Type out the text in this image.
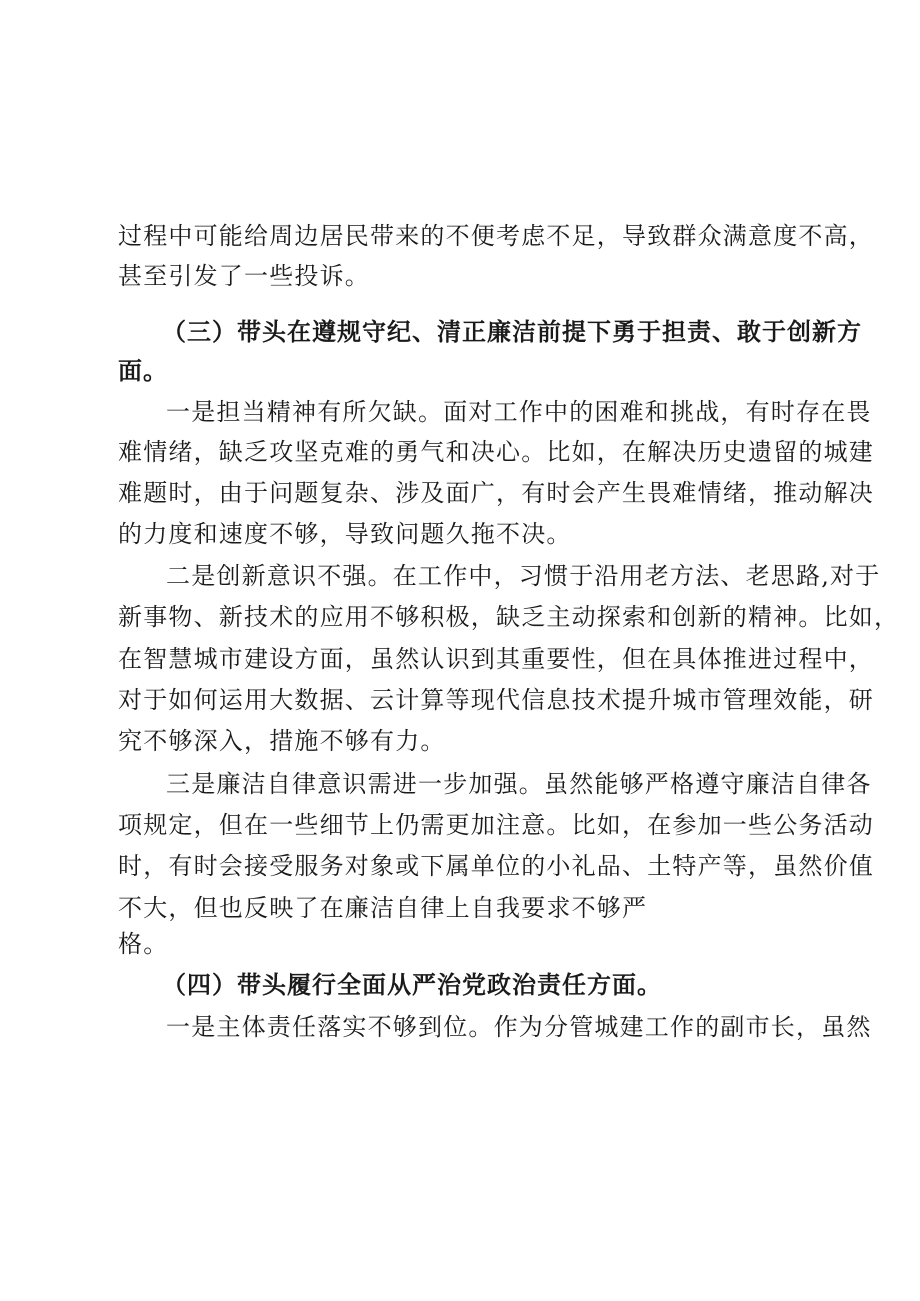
过程中可能给周边居民带来的不便考虑不足，导致群众满意度不高，
甚至引发了一些投诉。
（三）带头在遵规守纪、清正廉洁前提下勇于担责、敢于创新方
面。
一是担当精神有所欠缺。面对工作中的困难和挑战，有时存在畏
难情绪，缺乏攻坚克难的勇气和决心。比如，在解决历史遗留的城建
难题时，由于问题复杂、涉及面广，有时会产生畏难情绪，推动解决
的力度和速度不够，导致问题久拖不决。
二是创新意识不强。在工作中，习惯于沿用老方法、老思路,对于
新事物、新技术的应用不够积极，缺乏主动探索和创新的精神。比如，
在智慧城市建设方面，虽然认识到其重要性，但在具体推进过程中，
对于如何运用大数据、云计算等现代信息技术提升城市管理效能，研
究不够深入，措施不够有力。
三是廉洁自律意识需进一步加强。虽然能够严格遵守廉洁自律各
项规定，但在一些细节上仍需更加注意。比如，在参加一些公务活动
时，有时会接受服务对象或下属单位的小礼品、土特产等，虽然价值
不大，但也反映了在廉洁自律上自我要求不够严
格。
（四）带头履行全面从严治党政治责任方面。
一是主体责任落实不够到位。作为分管城建工作的副市长，虽然
